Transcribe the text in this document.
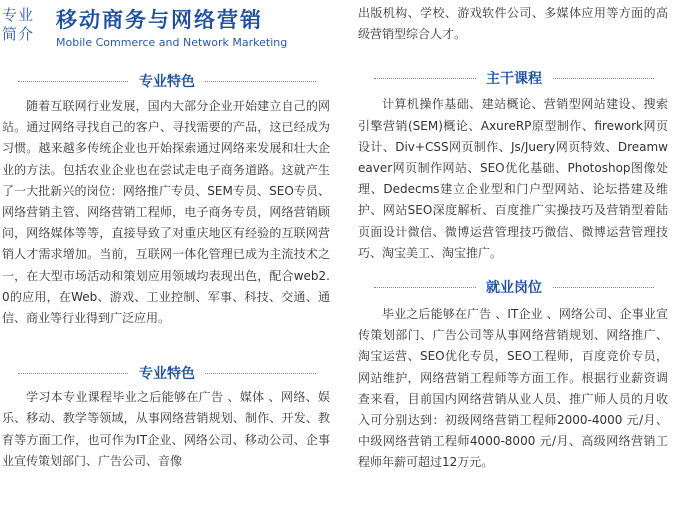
专业
简介
移动商务与网络营销
Mobile Commerce and Network Marketing
专业特色

随着互联网行业发展，国内大部分企业开始建立自己的网站。通过网络寻找自己的客户、寻找需要的产品，这已经成为习惯。越来越多传统企业也开始探索通过网络来发展和壮大企业的方法。包括农业企业也在尝试走电子商务道路。这就产生了一大批新兴的岗位：网络推广专员、SEM专员、SEO专员、网络营销主管、网络营销工程师，电子商务专员，网络营销顾问，网络媒体等等，直接导致了对重庆地区有经验的互联网营销人才需求增加。当前，互联网一体化管理已成为主流技术之一，在大型市场活动和策划应用领域均表现出色，配合web2.0的应用，在Web、游戏、工业控制、军事、科技、交通、通信、商业等行业得到广泛应用。

专业特色

学习本专业课程毕业之后能够在广告 、媒体 、网络、娱乐、移动、教学等领域，从事网络营销规划、制作、开发、教育等方面工作，也可作为IT企业、网络公司、移动公司、企事业宣传策划部门、广告公司、音像

出版机构、学校、游戏软件公司、多媒体应用等方面的高级营销型综合人才。

主干课程

计算机操作基础、建站概论、营销型网站建设、搜索引擎营销(SEM)概论、AxureRP原型制作、firework网页设计、Div+CSS网页制作、Js/Juery网页特效、Dreamweaver网页制作网站、SEO优化基础、Photoshop图像处理、Dedecms建立企业型和门户型网站、论坛搭建及维护、网站SEO深度解析、百度推广实操技巧及营销型着陆页面设计微信、微博运营管理技巧微信、微博运营管理技巧、淘宝美工、淘宝推广。

就业岗位

毕业之后能够在广告 、IT企业 、网络公司、企事业宣传策划部门、广告公司等从事网络营销规划、网络推广、淘宝运营、SEO优化专员，SEO工程师，百度竞价专员，网站维护，网络营销工程师等方面工作。根据行业薪资调查来看，目前国内网络营销从业人员、推广师人员的月收入可分别达到：初级网络营销工程师2000-4000 元/月、中级网络营销工程师4000-8000 元/月、高级网络营销工程师年薪可超过12万元。
